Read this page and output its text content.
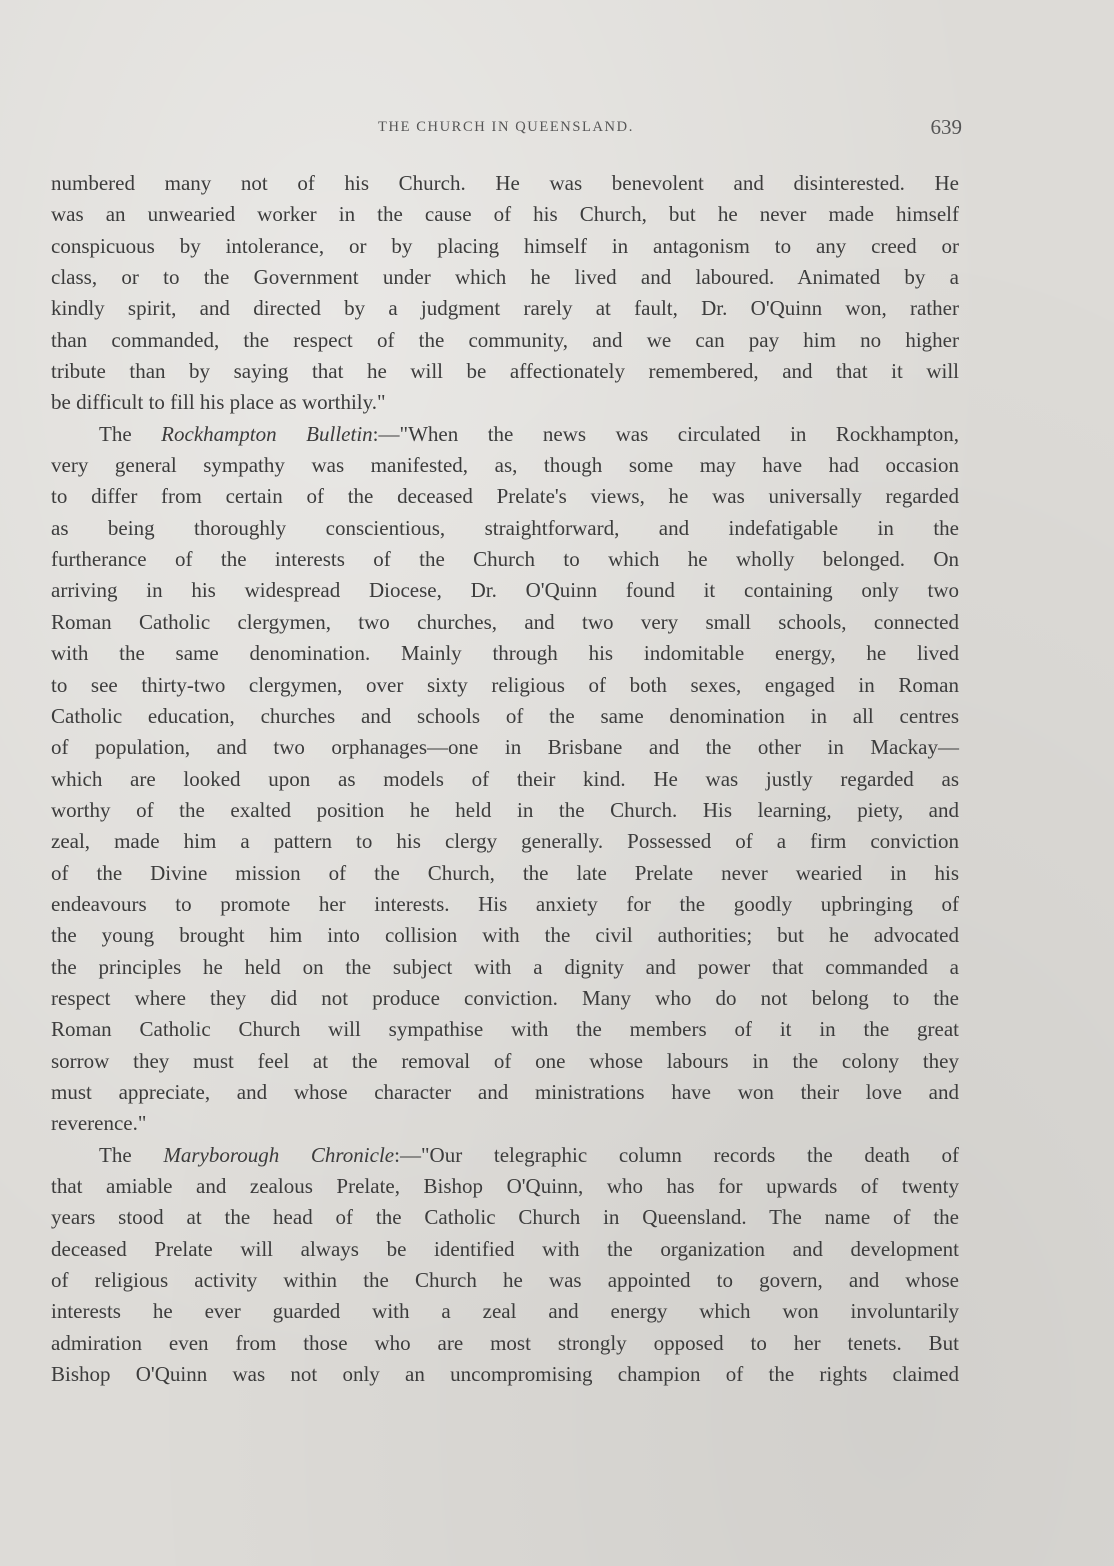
THE CHURCH IN QUEENSLAND.	639
numbered many not of his Church. He was benevolent and disinterested. He
was an unwearied worker in the cause of his Church, but he never made himself
conspicuous by intolerance, or by placing himself in antagonism to any creed or
class, or to the Government under which he lived and laboured. Animated by a
kindly spirit, and directed by a judgment rarely at fault, Dr. O'Quinn won, rather
than commanded, the respect of the community, and we can pay him no higher
tribute than by saying that he will be affectionately remembered, and that it will
be difficult to fill his place as worthily."
The Rockhampton Bulletin:—"When the news was circulated in Rockhampton,
very general sympathy was manifested, as, though some may have had occasion
to differ from certain of the deceased Prelate's views, he was universally regarded
as being thoroughly conscientious, straightforward, and indefatigable in the
furtherance of the interests of the Church to which he wholly belonged. On
arriving in his widespread Diocese, Dr. O'Quinn found it containing only two
Roman Catholic clergymen, two churches, and two very small schools, connected
with the same denomination. Mainly through his indomitable energy, he lived
to see thirty-two clergymen, over sixty religious of both sexes, engaged in Roman
Catholic education, churches and schools of the same denomination in all centres
of population, and two orphanages—one in Brisbane and the other in Mackay—
which are looked upon as models of their kind. He was justly regarded as
worthy of the exalted position he held in the Church. His learning, piety, and
zeal, made him a pattern to his clergy generally. Possessed of a firm conviction
of the Divine mission of the Church, the late Prelate never wearied in his
endeavours to promote her interests. His anxiety for the goodly upbringing of
the young brought him into collision with the civil authorities; but he advocated
the principles he held on the subject with a dignity and power that commanded a
respect where they did not produce conviction. Many who do not belong to the
Roman Catholic Church will sympathise with the members of it in the great
sorrow they must feel at the removal of one whose labours in the colony they
must appreciate, and whose character and ministrations have won their love and
reverence."
The Maryborough Chronicle:—"Our telegraphic column records the death of
that amiable and zealous Prelate, Bishop O'Quinn, who has for upwards of twenty
years stood at the head of the Catholic Church in Queensland. The name of the
deceased Prelate will always be identified with the organization and development
of religious activity within the Church he was appointed to govern, and whose
interests he ever guarded with a zeal and energy which won involuntarily
admiration even from those who are most strongly opposed to her tenets. But
Bishop O'Quinn was not only an uncompromising champion of the rights claimed
